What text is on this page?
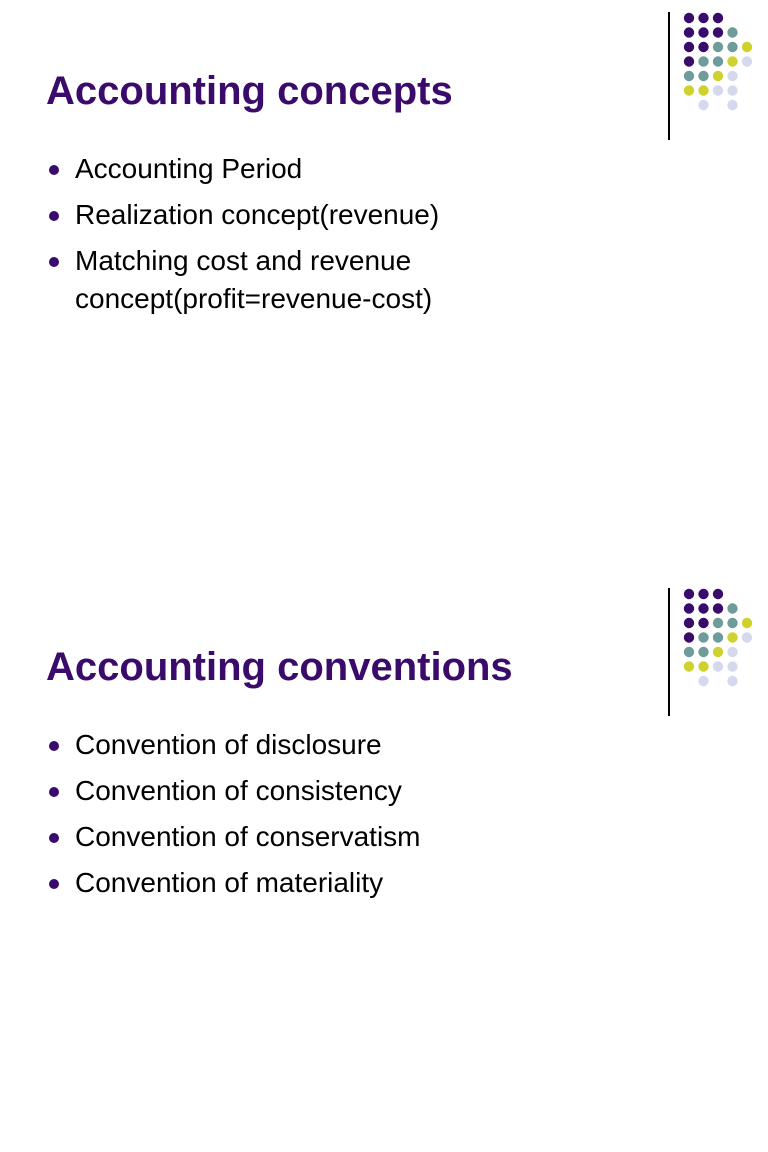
Accounting concepts
Accounting Period
Realization concept(revenue)
Matching cost and revenue concept(profit=revenue-cost)
Accounting conventions
Convention of disclosure
Convention of consistency
Convention of conservatism
Convention of materiality
